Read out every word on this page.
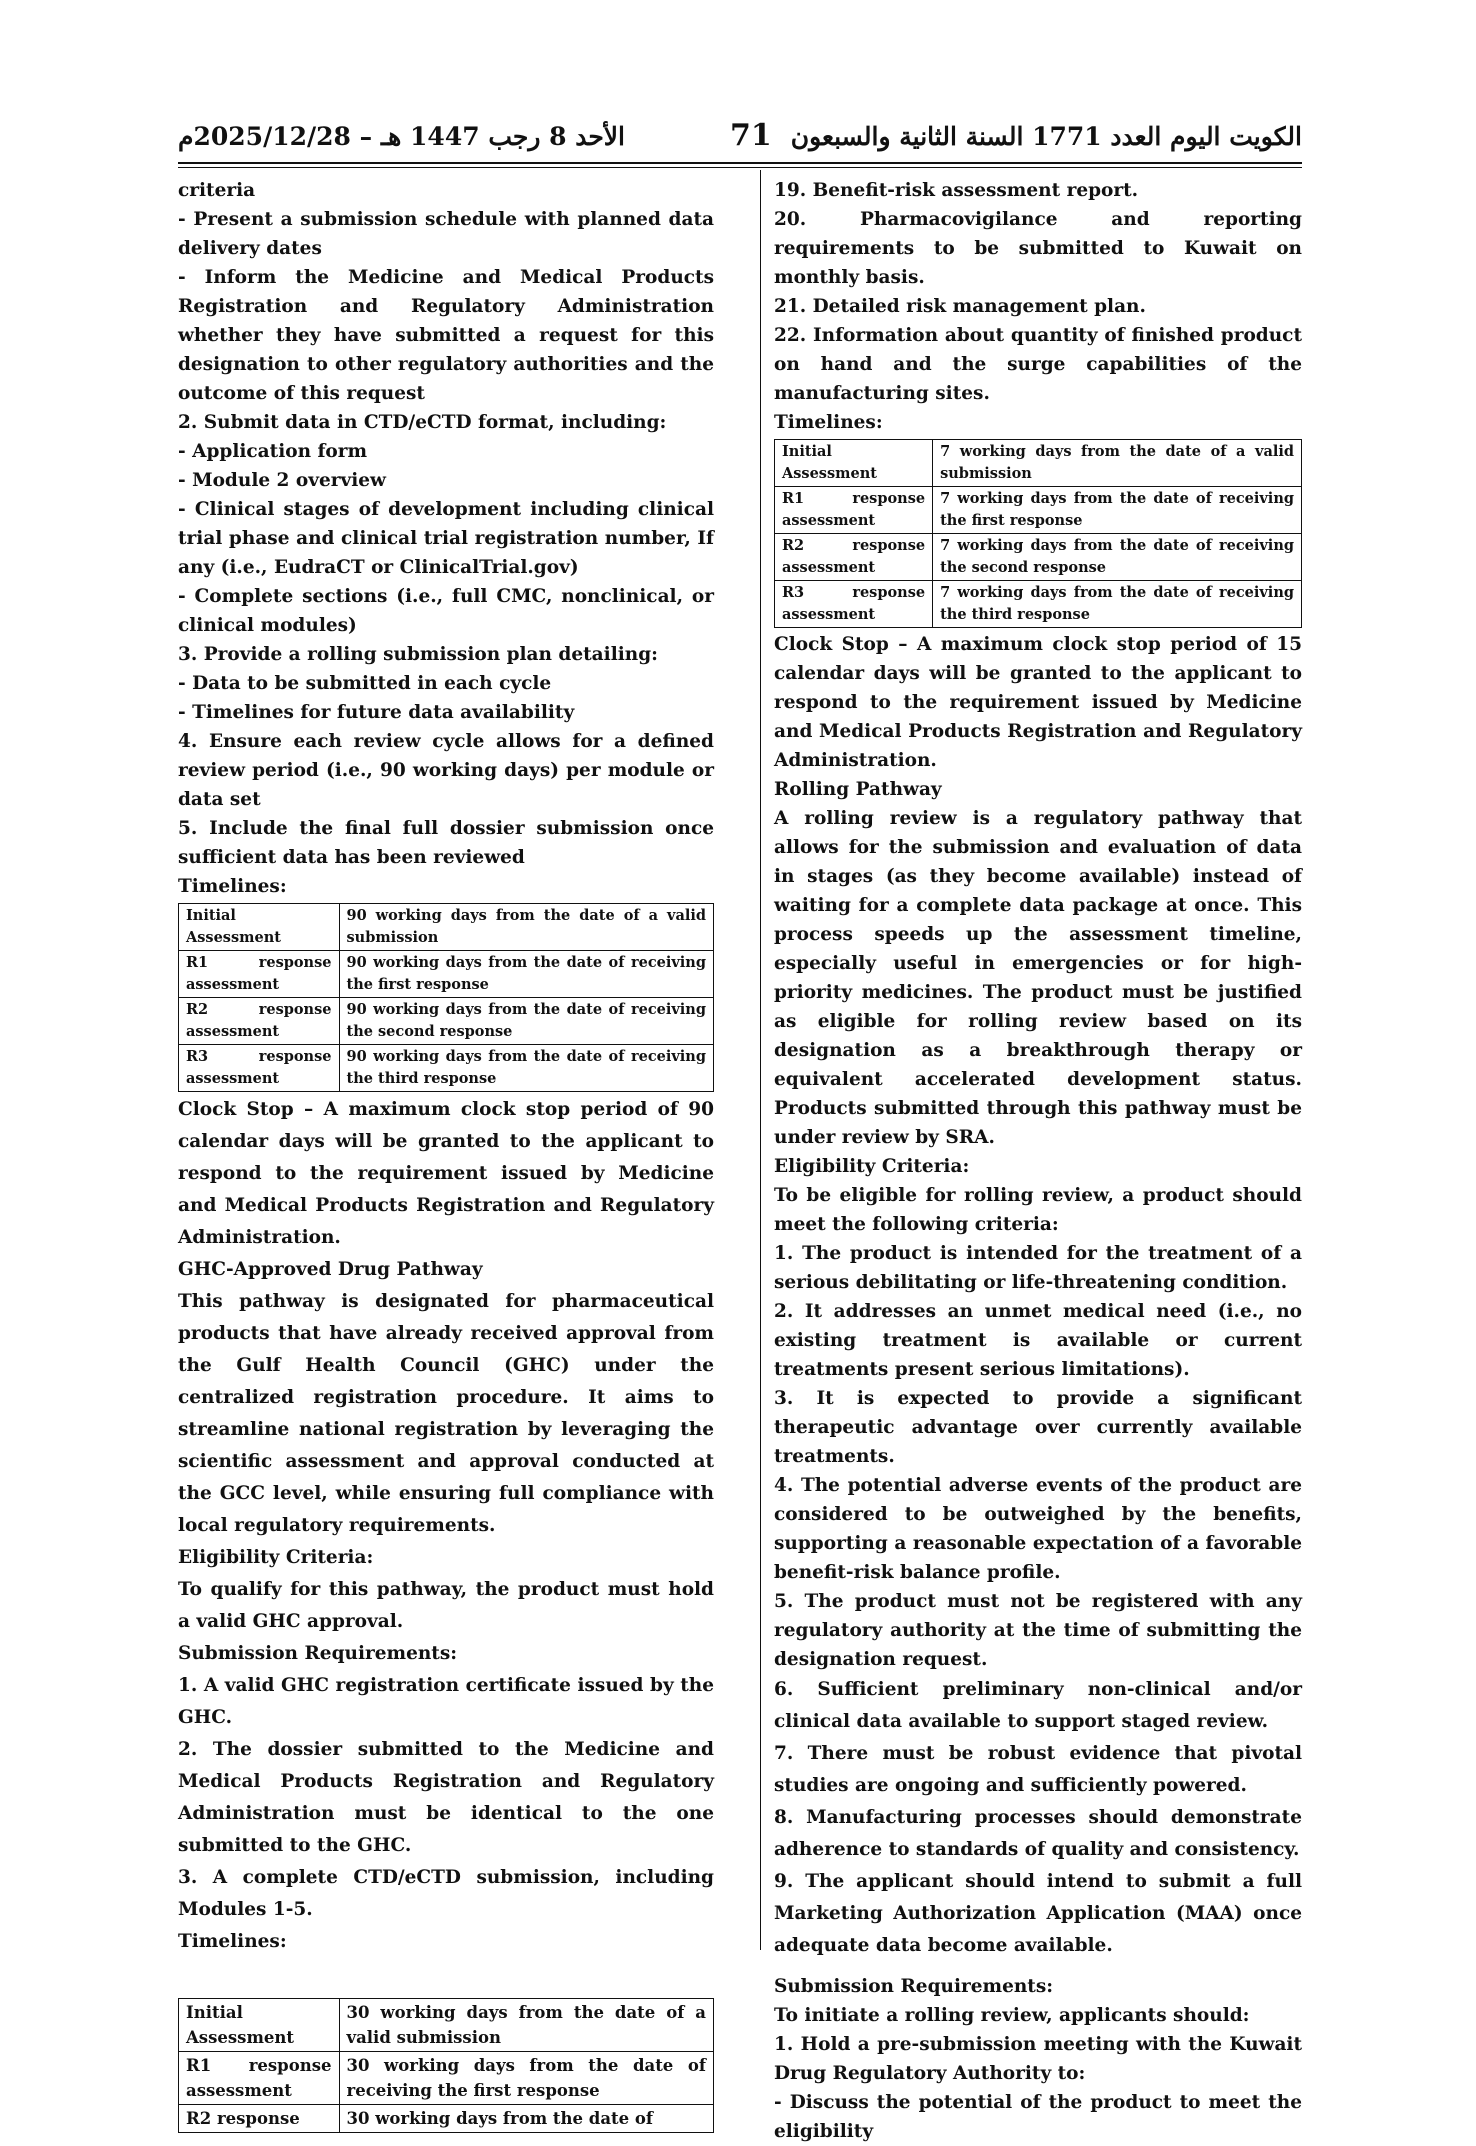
الأحد 8 رجب 1447 هـ – 2025/12/28م	71 الكويت اليوم العدد 1771 السنة الثانية والسبعون

criteria

- Present a submission schedule with planned data delivery dates

- Inform the Medicine and Medical Products Registration and Regulatory Administration whether they have submitted a request for this designation to other regulatory authorities and the outcome of this request

2. Submit data in CTD/eCTD format, including:

- Application form

- Module 2 overview

- Clinical stages of development including clinical trial phase and clinical trial registration number, If any (i.e., EudraCT or ClinicalTrial.gov)

- Complete sections (i.e., full CMC, nonclinical, or clinical modules)

3. Provide a rolling submission plan detailing:

- Data to be submitted in each cycle

- Timelines for future data availability

4. Ensure each review cycle allows for a defined review period (i.e., 90 working days) per module or data set

5. Include the final full dossier submission once sufficient data has been reviewed

Timelines:

Initial Assessment	90 working days from the date of a valid submission
R1 response assessment	90 working days from the date of receiving the first response
R2 response assessment	90 working days from the date of receiving the second response
R3 response assessment	90 working days from the date of receiving the third response

Clock Stop – A maximum clock stop period of 90 calendar days will be granted to the applicant to respond to the requirement issued by Medicine and Medical Products Registration and Regulatory Administration.

GHC-Approved Drug Pathway

This pathway is designated for pharmaceutical products that have already received approval from the Gulf Health Council (GHC) under the centralized registration procedure. It aims to streamline national registration by leveraging the scientific assessment and approval conducted at the GCC level, while ensuring full compliance with local regulatory requirements.

Eligibility Criteria:

To qualify for this pathway, the product must hold a valid GHC approval.

Submission Requirements:

1. A valid GHC registration certificate issued by the GHC.

2. The dossier submitted to the Medicine and Medical Products Registration and Regulatory Administration must be identical to the one submitted to the GHC.

3. A complete CTD/eCTD submission, including Modules 1-5.

Timelines:

Initial Assessment	30 working days from the date of a valid submission
R1 response assessment	30 working days from the date of receiving the first response
R2 response	30 working days from the date of

19. Benefit-risk assessment report.

20. Pharmacovigilance and reporting requirements to be submitted to Kuwait on monthly basis.

21. Detailed risk management plan.

22. Information about quantity of finished product on hand and the surge capabilities of the manufacturing sites.

Timelines:

Initial Assessment	7 working days from the date of a valid submission
R1 response assessment	7 working days from the date of receiving the first response
R2 response assessment	7 working days from the date of receiving the second response
R3 response assessment	7 working days from the date of receiving the third response

Clock Stop – A maximum clock stop period of 15 calendar days will be granted to the applicant to respond to the requirement issued by Medicine and Medical Products Registration and Regulatory Administration.

Rolling Pathway

A rolling review is a regulatory pathway that allows for the submission and evaluation of data in stages (as they become available) instead of waiting for a complete data package at once. This process speeds up the assessment timeline, especially useful in emergencies or for high-priority medicines. The product must be justified as eligible for rolling review based on its designation as a breakthrough therapy or equivalent accelerated development status. Products submitted through this pathway must be under review by SRA.

Eligibility Criteria:

To be eligible for rolling review, a product should meet the following criteria:

1. The product is intended for the treatment of a serious debilitating or life-threatening condition.

2. It addresses an unmet medical need (i.e., no existing treatment is available or current treatments present serious limitations).

3. It is expected to provide a significant therapeutic advantage over currently available treatments.

4. The potential adverse events of the product are considered to be outweighed by the benefits, supporting a reasonable expectation of a favorable benefit-risk balance profile.

5. The product must not be registered with any regulatory authority at the time of submitting the designation request.

6. Sufficient preliminary non-clinical and/or clinical data available to support staged review.

7. There must be robust evidence that pivotal studies are ongoing and sufficiently powered.

8. Manufacturing processes should demonstrate adherence to standards of quality and consistency.

9. The applicant should intend to submit a full Marketing Authorization Application (MAA) once adequate data become available.

Submission Requirements:

To initiate a rolling review, applicants should:

1. Hold a pre-submission meeting with the Kuwait Drug Regulatory Authority to:

- Discuss the potential of the product to meet the eligibility
